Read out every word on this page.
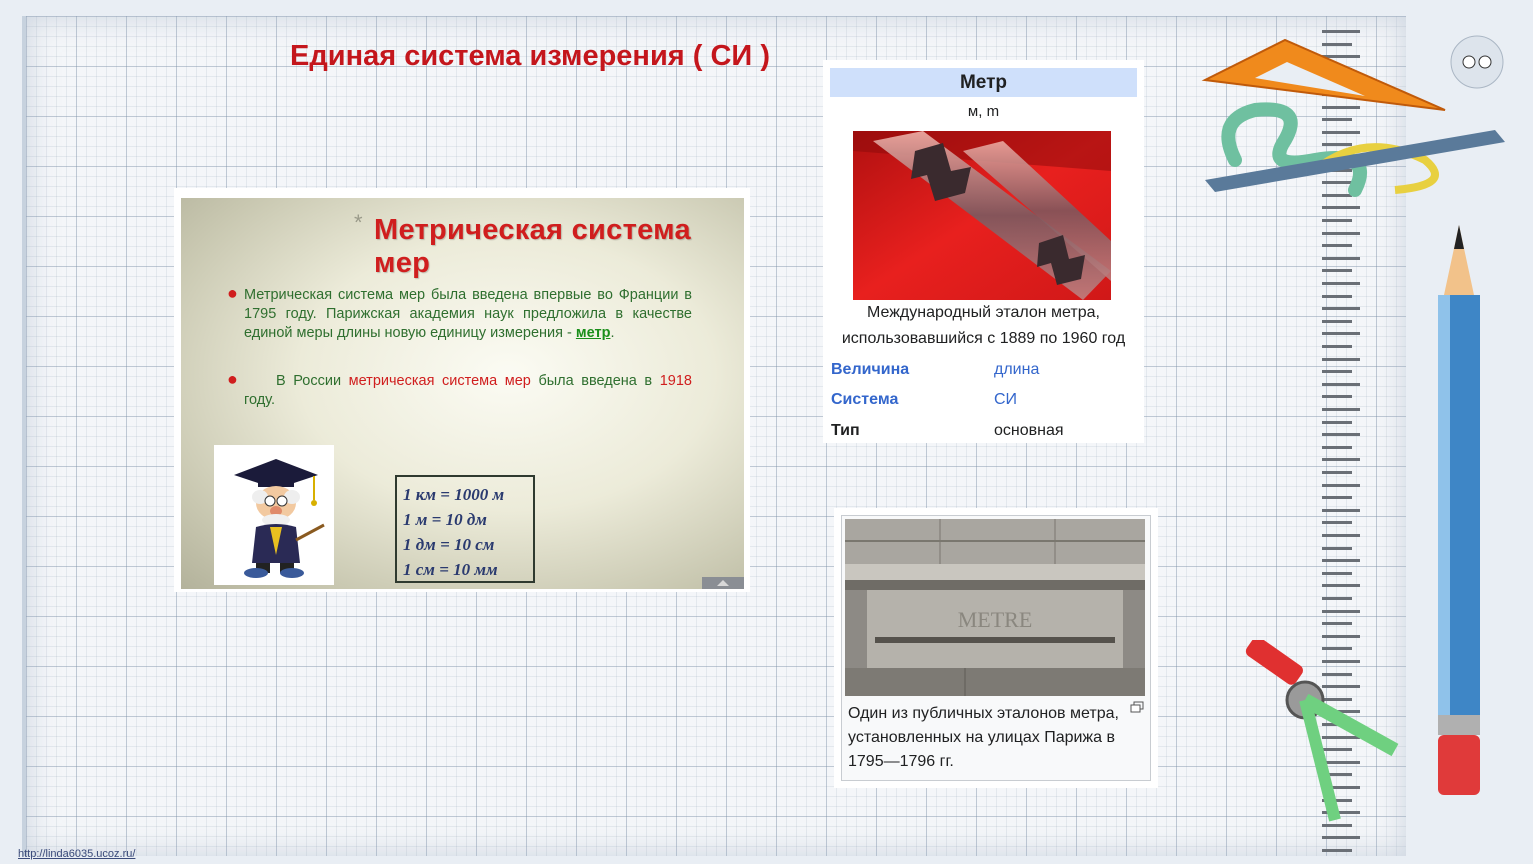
Единая система измерения ( СИ )
* Метрическая система мер
● Метрическая система мер была введена впервые во Франции в 1795 году. Парижская академия наук предложила в качестве единой меры длины новую единицу измерения - метр.
●	В России метрическая система мер была введена в 1918 году.
1 км = 1000 м
1 м = 10 дм
1 дм = 10 см
1 см = 10 мм
Метр
м, m
Международный эталон метра,
использовавшийся с 1889 по 1960 год
Величина	длина
Система	СИ
Тип	основная
METRE
Один из публичных эталонов метра, установленных на улицах Парижа в 1795—1796 гг.
http://linda6035.ucoz.ru/
